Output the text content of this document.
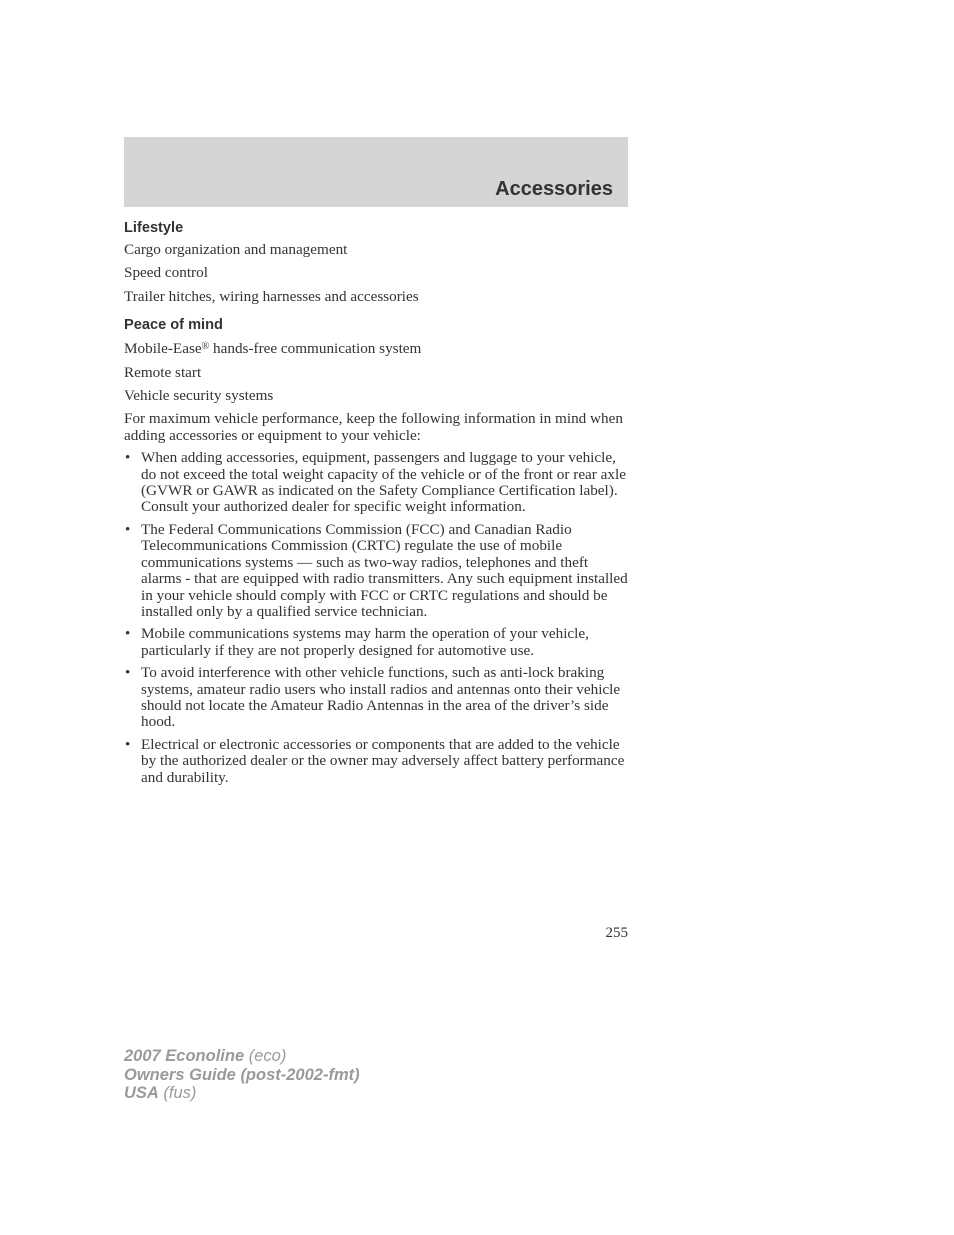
Accessories
Lifestyle

Cargo organization and management

Speed control

Trailer hitches, wiring harnesses and accessories

Peace of mind

Mobile-Ease® hands-free communication system

Remote start

Vehicle security systems

For maximum vehicle performance, keep the following information in mind when adding accessories or equipment to your vehicle:

• When adding accessories, equipment, passengers and luggage to your vehicle, do not exceed the total weight capacity of the vehicle or of the front or rear axle (GVWR or GAWR as indicated on the Safety Compliance Certification label). Consult your authorized dealer for specific weight information.
• The Federal Communications Commission (FCC) and Canadian Radio Telecommunications Commission (CRTC) regulate the use of mobile communications systems — such as two-way radios, telephones and theft alarms - that are equipped with radio transmitters. Any such equipment installed in your vehicle should comply with FCC or CRTC regulations and should be installed only by a qualified service technician.
• Mobile communications systems may harm the operation of your vehicle, particularly if they are not properly designed for automotive use.
• To avoid interference with other vehicle functions, such as anti-lock braking systems, amateur radio users who install radios and antennas onto their vehicle should not locate the Amateur Radio Antennas in the area of the driver’s side hood.
• Electrical or electronic accessories or components that are added to the vehicle by the authorized dealer or the owner may adversely affect battery performance and durability.
255
2007 Econoline (eco)
Owners Guide (post-2002-fmt)
USA (fus)
